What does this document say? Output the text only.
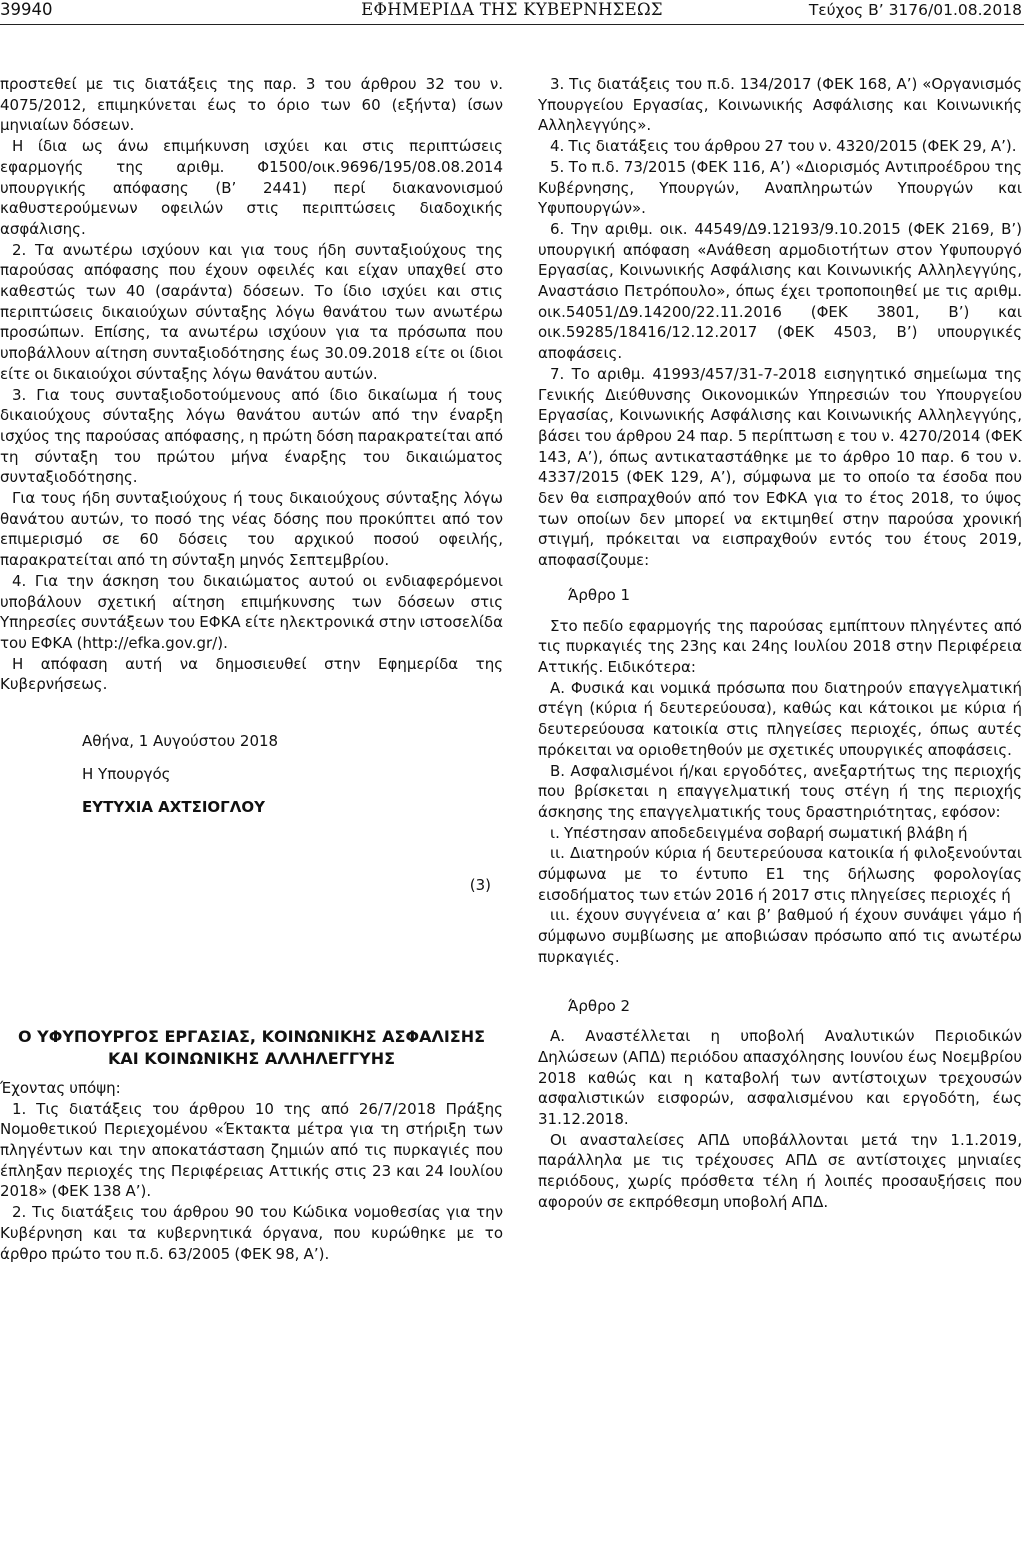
39940	ΕΦΗΜΕΡΙΔΑ ΤΗΣ ΚΥΒΕΡΝΗΣΕΩΣ	Τεύχος Β’ 3176/01.08.2018

προστεθεί με τις διατάξεις της παρ. 3 του άρθρου 32 του ν. 4075/2012, επιμηκύνεται έως το όριο των 60 (εξήντα) ίσων μηνιαίων δόσεων.

Η ίδια ως άνω επιμήκυνση ισχύει και στις περιπτώσεις εφαρμογής της αριθμ. Φ1500/οικ.9696/195/08.08.2014 υπουργικής απόφασης (Β’ 2441) περί διακανονισμού καθυστερούμενων οφειλών στις περιπτώσεις διαδοχικής ασφάλισης.

2. Τα ανωτέρω ισχύουν και για τους ήδη συνταξιούχους της παρούσας απόφασης που έχουν οφειλές και είχαν υπαχθεί στο καθεστώς των 40 (σαράντα) δόσεων. Το ίδιο ισχύει και στις περιπτώσεις δικαιούχων σύνταξης λόγω θανάτου των ανωτέρω προσώπων. Επίσης, τα ανωτέρω ισχύουν για τα πρόσωπα που υποβάλλουν αίτηση συνταξιοδότησης έως 30.09.2018 είτε οι ίδιοι είτε οι δικαιούχοι σύνταξης λόγω θανάτου αυτών.

3. Για τους συνταξιοδοτούμενους από ίδιο δικαίωμα ή τους δικαιούχους σύνταξης λόγω θανάτου αυτών από την έναρξη ισχύος της παρούσας απόφασης, η πρώτη δόση παρακρατείται από τη σύνταξη του πρώτου μήνα έναρξης του δικαιώματος συνταξιοδότησης.

Για τους ήδη συνταξιούχους ή τους δικαιούχους σύνταξης λόγω θανάτου αυτών, το ποσό της νέας δόσης που προκύπτει από τον επιμερισμό σε 60 δόσεις του αρχικού ποσού οφειλής, παρακρατείται από τη σύνταξη μηνός Σεπτεμβρίου.

4. Για την άσκηση του δικαιώματος αυτού οι ενδιαφερόμενοι υποβάλουν σχετική αίτηση επιμήκυνσης των δόσεων στις Υπηρεσίες συντάξεων του ΕΦΚΑ είτε ηλεκτρονικά στην ιστοσελίδα του ΕΦΚΑ (http://efka.gov.gr/).

Η απόφαση αυτή να δημοσιευθεί στην Εφημερίδα της Κυβερνήσεως.

Αθήνα, 1 Αυγούστου 2018
Η Υπουργός
ΕΥΤΥΧΙΑ ΑΧΤΣΙΟΓΛΟΥ
(3)
Ο ΥΦΥΠΟΥΡΓΟΣ ΕΡΓΑΣΙΑΣ, ΚΟΙΝΩΝΙΚΗΣ ΑΣΦΑΛΙΣΗΣ ΚΑΙ ΚΟΙΝΩΝΙΚΗΣ ΑΛΛΗΛΕΓΓΥΗΣ

Έχοντας υπόψη:

1. Τις διατάξεις του άρθρου 10 της από 26/7/2018 Πράξης Νομοθετικού Περιεχομένου «Έκτακτα μέτρα για τη στήριξη των πληγέντων και την αποκατάσταση ζημιών από τις πυρκαγιές που έπληξαν περιοχές της Περιφέρειας Αττικής στις 23 και 24 Ιουλίου 2018» (ΦΕΚ 138 Α’).

2. Τις διατάξεις του άρθρου 90 του Κώδικα νομοθεσίας για την Κυβέρνηση και τα κυβερνητικά όργανα, που κυρώθηκε με το άρθρο πρώτο του π.δ. 63/2005 (ΦΕΚ 98, Α’).

3. Τις διατάξεις του π.δ. 134/2017 (ΦΕΚ 168, Α’) «Οργανισμός Υπουργείου Εργασίας, Κοινωνικής Ασφάλισης και Κοινωνικής Αλληλεγγύης».

4. Τις διατάξεις του άρθρου 27 του ν. 4320/2015 (ΦΕΚ 29, Α’).

5. Το π.δ. 73/2015 (ΦΕΚ 116, Α’) «Διορισμός Αντιπροέδρου της Κυβέρνησης, Υπουργών, Αναπληρωτών Υπουργών και Υφυπουργών».

6. Την αριθμ. οικ. 44549/Δ9.12193/9.10.2015 (ΦΕΚ 2169, Β’) υπουργική απόφαση «Ανάθεση αρμοδιοτήτων στον Υφυπουργό Εργασίας, Κοινωνικής Ασφάλισης και Κοινωνικής Αλληλεγγύης, Αναστάσιο Πετρόπουλο», όπως έχει τροποποιηθεί με τις αριθμ. οικ.54051/Δ9.14200/22.11.2016 (ΦΕΚ 3801, Β’) και οικ.59285/18416/12.12.2017 (ΦΕΚ 4503, Β’) υπουργικές αποφάσεις.

7. Το αριθμ. 41993/457/31-7-2018 εισηγητικό σημείωμα της Γενικής Διεύθυνσης Οικονομικών Υπηρεσιών του Υπουργείου Εργασίας, Κοινωνικής Ασφάλισης και Κοινωνικής Αλληλεγγύης, βάσει του άρθρου 24 παρ. 5 περίπτωση ε του ν. 4270/2014 (ΦΕΚ 143, Α’), όπως αντικαταστάθηκε με το άρθρο 10 παρ. 6 του ν. 4337/2015 (ΦΕΚ 129, Α’), σύμφωνα με το οποίο τα έσοδα που δεν θα εισπραχθούν από τον ΕΦΚΑ για το έτος 2018, το ύψος των οποίων δεν μπορεί να εκτιμηθεί στην παρούσα χρονική στιγμή, πρόκειται να εισπραχθούν εντός του έτους 2019, αποφασίζουμε:

Άρθρο 1

Στο πεδίο εφαρμογής της παρούσας εμπίπτουν πληγέντες από τις πυρκαγιές της 23ης και 24ης Ιουλίου 2018 στην Περιφέρεια Αττικής. Ειδικότερα:

Α. Φυσικά και νομικά πρόσωπα που διατηρούν επαγγελματική στέγη (κύρια ή δευτερεύουσα), καθώς και κάτοικοι με κύρια ή δευτερεύουσα κατοικία στις πληγείσες περιοχές, όπως αυτές πρόκειται να οριοθετηθούν με σχετικές υπουργικές αποφάσεις.

Β. Ασφαλισμένοι ή/και εργοδότες, ανεξαρτήτως της περιοχής που βρίσκεται η επαγγελματική τους στέγη ή της περιοχής άσκησης της επαγγελματικής τους δραστηριότητας, εφόσον:

ι. Υπέστησαν αποδεδειγμένα σοβαρή σωματική βλάβη ή

ιι. Διατηρούν κύρια ή δευτερεύουσα κατοικία ή φιλοξενούνται σύμφωνα με το έντυπο Ε1 της δήλωσης φορολογίας εισοδήματος των ετών 2016 ή 2017 στις πληγείσες περιοχές ή

ιιι. έχουν συγγένεια α’ και β’ βαθμού ή έχουν συνάψει γάμο ή σύμφωνο συμβίωσης με αποβιώσαν πρόσωπο από τις ανωτέρω πυρκαγιές.

Άρθρο 2

Α. Αναστέλλεται η υποβολή Αναλυτικών Περιοδικών Δηλώσεων (ΑΠΔ) περιόδου απασχόλησης Ιουνίου έως Νοεμβρίου 2018 καθώς και η καταβολή των αντίστοιχων τρεχουσών ασφαλιστικών εισφορών, ασφαλισμένου και εργοδότη, έως 31.12.2018.

Οι ανασταλείσες ΑΠΔ υποβάλλονται μετά την 1.1.2019, παράλληλα με τις τρέχουσες ΑΠΔ σε αντίστοιχες μηνιαίες περιόδους, χωρίς πρόσθετα τέλη ή λοιπές προσαυξήσεις που αφορούν σε εκπρόθεσμη υποβολή ΑΠΔ.
